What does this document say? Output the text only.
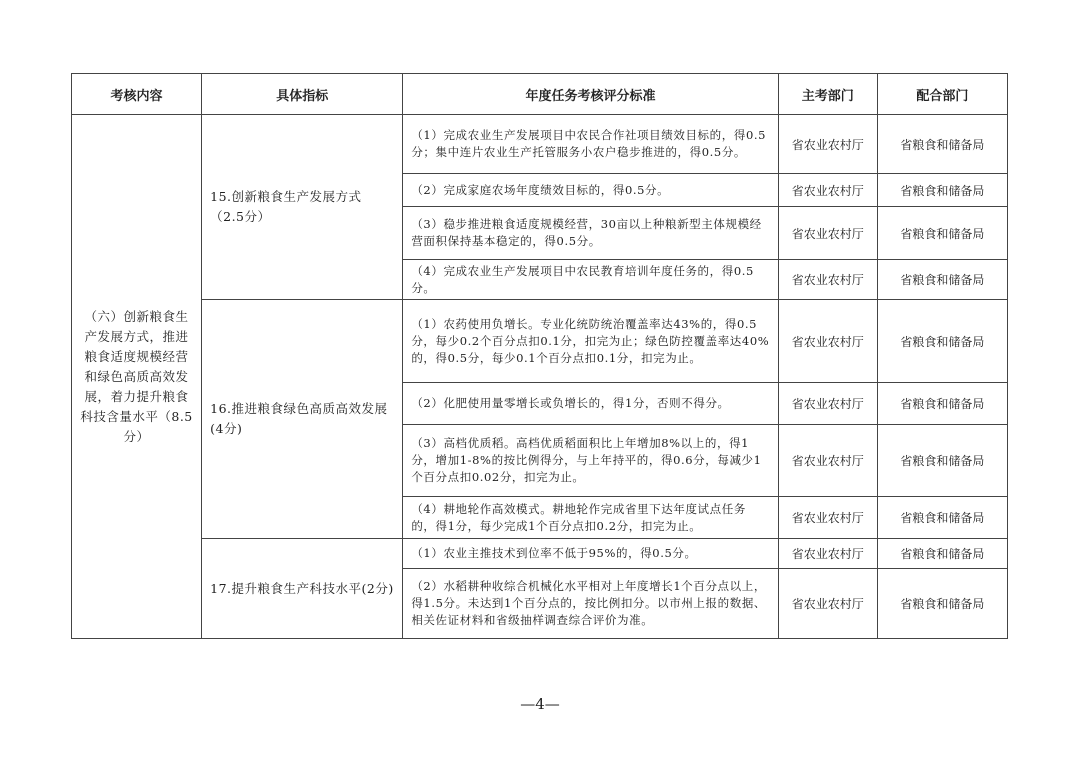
考核内容	具体指标	年度任务考核评分标准	主考部门	配合部门
（六）创新粮食生产发展方式，推进粮食适度规模经营和绿色高质高效发展，着力提升粮食科技含量水平（8.5分）	15.创新粮食生产发展方式（2.5分）	（1）完成农业生产发展项目中农民合作社项目绩效目标的，得0.5分；集中连片农业生产托管服务小农户稳步推进的，得0.5分。	省农业农村厅	省粮食和储备局
		（2）完成家庭农场年度绩效目标的，得0.5分。	省农业农村厅	省粮食和储备局
		（3）稳步推进粮食适度规模经营，30亩以上种粮新型主体规模经营面积保持基本稳定的，得0.5分。	省农业农村厅	省粮食和储备局
		（4）完成农业生产发展项目中农民教育培训年度任务的，得0.5分。	省农业农村厅	省粮食和储备局
	16.推进粮食绿色高质高效发展(4分)	（1）农药使用负增长。专业化统防统治覆盖率达43%的，得0.5分，每少0.2个百分点扣0.1分，扣完为止；绿色防控覆盖率达40%的，得0.5分，每少0.1个百分点扣0.1分，扣完为止。	省农业农村厅	省粮食和储备局
		（2）化肥使用量零增长或负增长的，得1分，否则不得分。	省农业农村厅	省粮食和储备局
		（3）高档优质稻。高档优质稻面积比上年增加8%以上的，得1分，增加1-8%的按比例得分，与上年持平的，得0.6分，每减少1个百分点扣0.02分，扣完为止。	省农业农村厅	省粮食和储备局
		（4）耕地轮作高效模式。耕地轮作完成省里下达年度试点任务的，得1分，每少完成1个百分点扣0.2分，扣完为止。	省农业农村厅	省粮食和储备局
	17.提升粮食生产科技水平(2分)	（1）农业主推技术到位率不低于95%的，得0.5分。	省农业农村厅	省粮食和储备局
		（2）水稻耕种收综合机械化水平相对上年度增长1个百分点以上，得1.5分。未达到1个百分点的，按比例扣分。以市州上报的数据、相关佐证材料和省级抽样调查综合评价为准。	省农业农村厅	省粮食和储备局
—4—
